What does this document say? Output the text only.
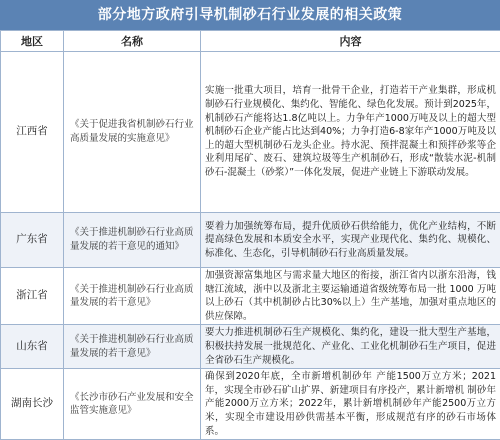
部分地方政府引导机制砂石行业发展的相关政策
地区	名称	内容
江西省	《关于促进我省机制砂石行业高质量发展的实施意见》	实施一批重大项目，培育一批骨干企业，打造若干产业集群，形成机制砂石行业规模化、集约化、智能化、绿色化发展。预计到2025年，机制砂石产能将达1.8亿吨以上。力争年产1000万吨及以上的超大型机制砂石企业产能占比达到40%；力争打造6-8家年产1000万吨及以上的超大型机制砂石龙头企业。持水泥、预拌混凝土和预拌砂浆等企业利用尾矿、废石、建筑垃圾等生产机制砂石，形成“散装水泥-机制砂石-混凝土（砂浆）”一体化发展，促进产业链上下游联动发展。
广东省	《关于推进机制砂石行业高质量发展的若干意见的通知》	要着力加强统筹布局，提升优质砂石供给能力，优化产业结构，不断提高绿色发展和本质安全水平，实现产业现代化、集约化、规模化、标准化、生态化，引导机制砂石行业高质量发展。
浙江省	《关于推进机制砂石行业高质量发展的若干意见》	加强资源富集地区与需求量大地区的衔接，浙江省内以浙东沿海，钱塘江流域，浙中以及浙北主要运输通道省级统筹布局一批 1000 万吨以上砂石（其中机制砂占比30%以上）生产基地，加强对重点地区的供应保障。
山东省	《关于推进机制砂石行业高质量发展的若干意见》	要大力推进机制砂石生产规模化、集约化，建设一批大型生产基地，积极扶持发展一批规范化、产业化、工业化机制砂石生产项目，促进全省砂石生产规模化。
湖南长沙	《长沙市砂石产业发展和安全监管实施意见》	确保到2020年底，全市新增机制砂年 产能1500万立方米；2021年，实现全市砂石矿山扩界、新建项目有序投产，累计新增机 制砂年产能2000万立方米；2022年，累计新增机制砂年产能2500万立方米，实现全市建设用砂供需基本平衡，形成规范有序的砂石市场体系。
